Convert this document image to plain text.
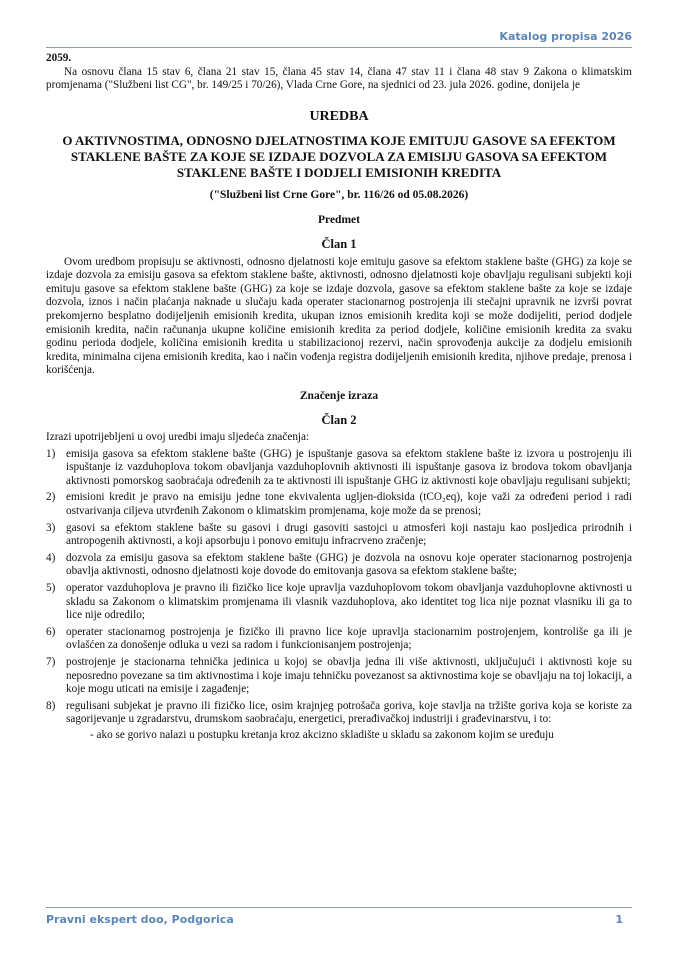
Katalog propisa 2026

2059.

Na osnovu člana 15 stav 6, člana 21 stav 15, člana 45 stav 14, člana 47 stav 11 i člana 48 stav 9 Zakona o klimatskim promjenama ("Službeni list CG", br. 149/25 i 70/26), Vlada Crne Gore, na sjednici od 23. jula 2026. godine, donijela je

UREDBA
O AKTIVNOSTIMA, ODNOSNO DJELATNOSTIMA KOJE EMITUJU GASOVE SA EFEKTOM STAKLENE BAŠTE ZA KOJE SE IZDAJE DOZVOLA ZA EMISIJU GASOVA SA EFEKTOM STAKLENE BAŠTE I DODJELI EMISIONIH KREDITA
("Službeni list Crne Gore", br. 116/26 od 05.08.2026)
Predmet
Član 1

Ovom uredbom propisuju se aktivnosti, odnosno djelatnosti koje emituju gasove sa efektom staklene bašte (GHG) za koje se izdaje dozvola za emisiju gasova sa efektom staklene bašte, aktivnosti, odnosno djelatnosti koje obavljaju regulisani subjekti koji emituju gasove sa efektom staklene bašte (GHG) za koje se izdaje dozvola, gasove sa efektom staklene bašte za koje se izdaje dozvola, iznos i način plaćanja naknade u slučaju kada operater stacionarnog postrojenja ili stečajni upravnik ne izvrši povrat prekomjerno besplatno dodijeljenih emisionih kredita, ukupan iznos emisionih kredita koji se može dodijeliti, period dodjele emisionih kredita, način računanja ukupne količine emisionih kredita za period dodjele, količine emisionih kredita za svaku godinu perioda dodjele, količina emisionih kredita u stabilizacionoj rezervi, način sprovođenja aukcije za dodjelu emisionih kredita, minimalna cijena emisionih kredita, kao i način vođenja registra dodijeljenih emisionih kredita, njihove predaje, prenosa i korišćenja.

Značenje izraza
Član 2

Izrazi upotrijebljeni u ovoj uredbi imaju sljedeća značenja:

1) emisija gasova sa efektom staklene bašte (GHG) je ispuštanje gasova sa efektom staklene bašte iz izvora u postrojenju ili ispuštanje iz vazduhoplova tokom obavljanja vazduhoplovnih aktivnosti ili ispuštanje gasova iz brodova tokom obavljanja aktivnosti pomorskog saobraćaja određenih za te aktivnosti ili ispuštanje GHG iz aktivnosti koje obavljaju regulisani subjekti;
2) emisioni kredit je pravo na emisiju jedne tone ekvivalenta ugljen-dioksida (tCO₂eq), koje važi za određeni period i radi ostvarivanja ciljeva utvrđenih Zakonom o klimatskim promjenama, koje može da se prenosi;
3) gasovi sa efektom staklene bašte su gasovi i drugi gasoviti sastojci u atmosferi koji nastaju kao posljedica prirodnih i antropogenih aktivnosti, a koji apsorbuju i ponovo emituju infracrveno zračenje;
4) dozvola za emisiju gasova sa efektom staklene bašte (GHG) je dozvola na osnovu koje operater stacionarnog postrojenja obavlja aktivnosti, odnosno djelatnosti koje dovode do emitovanja gasova sa efektom staklene bašte;
5) operator vazduhoplova je pravno ili fizičko lice koje upravlja vazduhoplovom tokom obavljanja vazduhoplovne aktivnosti u skladu sa Zakonom o klimatskim promjenama ili vlasnik vazduhoplova, ako identitet tog lica nije poznat vlasniku ili ga to lice nije odredilo;
6) operater stacionarnog postrojenja je fizičko ili pravno lice koje upravlja stacionarnim postrojenjem, kontroliše ga ili je ovlašćen za donošenje odluka u vezi sa radom i funkcionisanjem postrojenja;
7) postrojenje je stacionarna tehnička jedinica u kojoj se obavlja jedna ili više aktivnosti, uključujući i aktivnosti koje su neposredno povezane sa tim aktivnostima i koje imaju tehničku povezanost sa aktivnostima koje se obavljaju na toj lokaciji, a koje mogu uticati na emisije i zagađenje;
8) regulisani subjekat je pravno ili fizičko lice, osim krajnjeg potrošača goriva, koje stavlja na tržište goriva koja se koriste za sagorijevanje u zgradarstvu, drumskom saobraćaju, energetici, prerađivačkoj industriji i građevinarstvu, i to:

- ako se gorivo nalazi u postupku kretanja kroz akcizno skladište u skladu sa zakonom kojim se uređuju

Pravni ekspert doo, Podgorica	1
